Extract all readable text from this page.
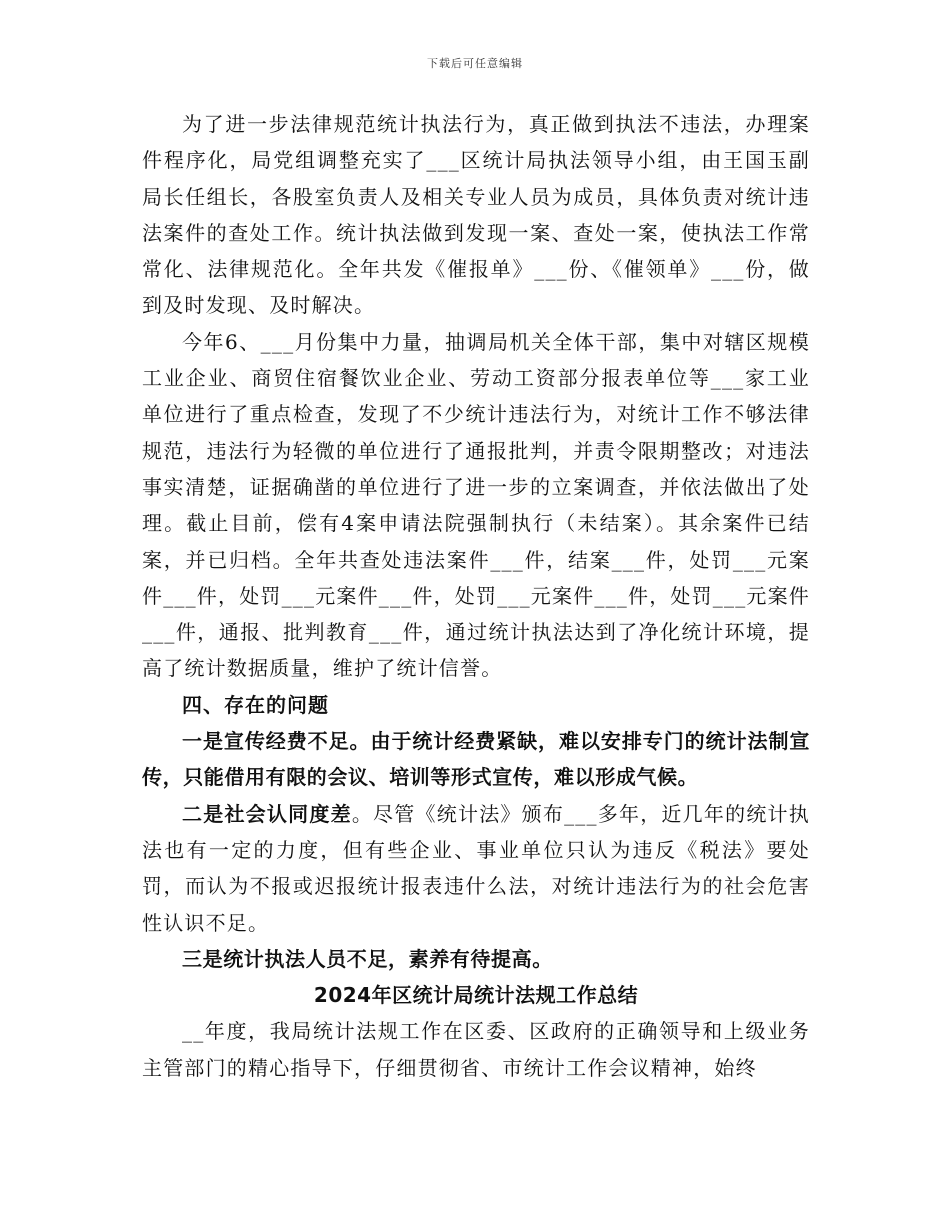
下载后可任意编辑

为了进一步法律规范统计执法行为，真正做到执法不违法，办理案件程序化，局党组调整充实了___区统计局执法领导小组，由王国玉副局长任组长，各股室负责人及相关专业人员为成员，具体负责对统计违法案件的查处工作。统计执法做到发现一案、查处一案，使执法工作常常化、法律规范化。全年共发《催报单》___份、《催领单》___份，做到及时发现、及时解决。

今年6、___月份集中力量，抽调局机关全体干部，集中对辖区规模工业企业、商贸住宿餐饮业企业、劳动工资部分报表单位等___家工业单位进行了重点检查，发现了不少统计违法行为，对统计工作不够法律规范，违法行为轻微的单位进行了通报批判，并责令限期整改；对违法事实清楚，证据确凿的单位进行了进一步的立案调查，并依法做出了处理。截止目前，偿有4案申请法院强制执行（未结案）。其余案件已结案，并已归档。全年共查处违法案件___件，结案___件，处罚___元案件___件，处罚___元案件___件，处罚___元案件___件，处罚___元案件___件，通报、批判教育___件，通过统计执法达到了净化统计环境，提高了统计数据质量，维护了统计信誉。

四、存在的问题

一是宣传经费不足。由于统计经费紧缺，难以安排专门的统计法制宣传，只能借用有限的会议、培训等形式宣传，难以形成气候。

二是社会认同度差。尽管《统计法》颁布___多年，近几年的统计执法也有一定的力度，但有些企业、事业单位只认为违反《税法》要处罚，而认为不报或迟报统计报表违什么法，对统计违法行为的社会危害性认识不足。

三是统计执法人员不足，素养有待提高。

2024年区统计局统计法规工作总结

__年度，我局统计法规工作在区委、区政府的正确领导和上级业务主管部门的精心指导下，仔细贯彻省、市统计工作会议精神，始终
